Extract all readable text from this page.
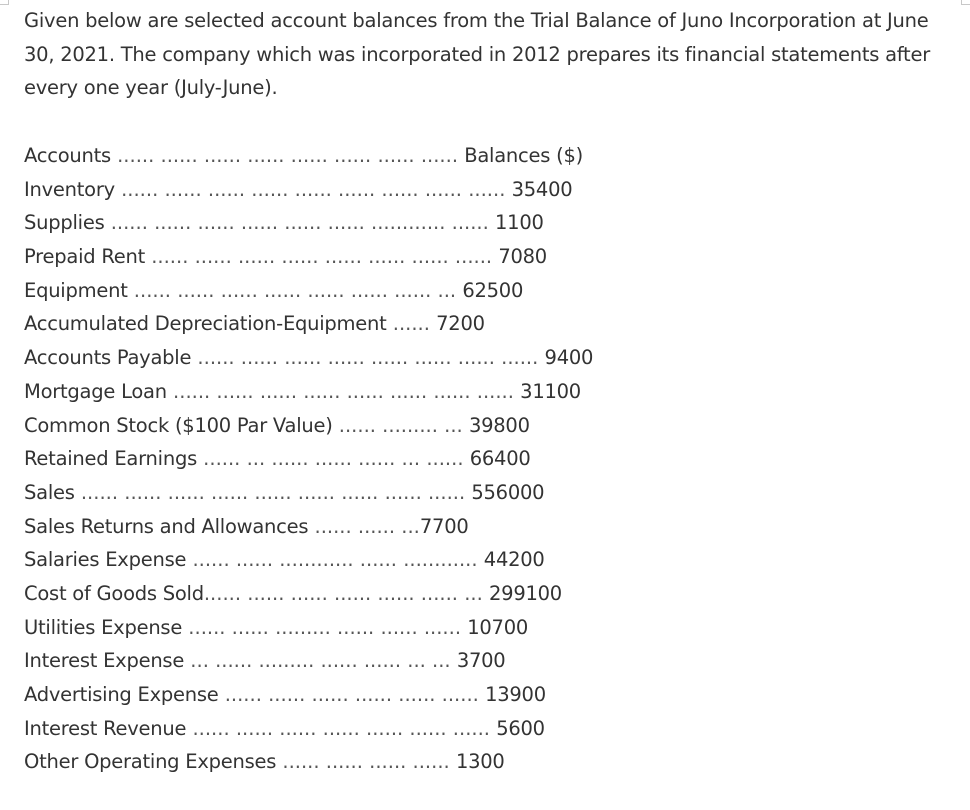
Given below are selected account balances from the Trial Balance of Juno Incorporation at June 30, 2021. The company which was incorporated in 2012 prepares its financial statements after every one year (July-June).

Accounts ...... ...... ...... ...... ...... ...... ...... ...... Balances ($)
Inventory ...... ...... ...... ...... ...... ...... ...... ...... ...... 35400
Supplies ...... ...... ...... ...... ...... ...... ............ ...... 1100
Prepaid Rent ...... ...... ...... ...... ...... ...... ...... ...... 7080
Equipment ...... ...... ...... ...... ...... ...... ...... ... 62500
Accumulated Depreciation-Equipment ...... 7200
Accounts Payable ...... ...... ...... ...... ...... ...... ...... ...... 9400
Mortgage Loan ...... ...... ...... ...... ...... ...... ...... ...... 31100
Common Stock ($100 Par Value) ...... ......... ... 39800
Retained Earnings ...... ... ...... ...... ...... ... ...... 66400
Sales ...... ...... ...... ...... ...... ...... ...... ...... ...... 556000
Sales Returns and Allowances ...... ...... ...7700
Salaries Expense ...... ...... ............ ...... ............ 44200
Cost of Goods Sold...... ...... ...... ...... ...... ...... ... 299100
Utilities Expense ...... ...... ......... ...... ...... ...... 10700
Interest Expense ... ...... ......... ...... ...... ... ... 3700
Advertising Expense ...... ...... ...... ...... ...... ...... 13900
Interest Revenue ...... ...... ...... ...... ...... ...... ...... 5600
Other Operating Expenses ...... ...... ...... ...... 1300
